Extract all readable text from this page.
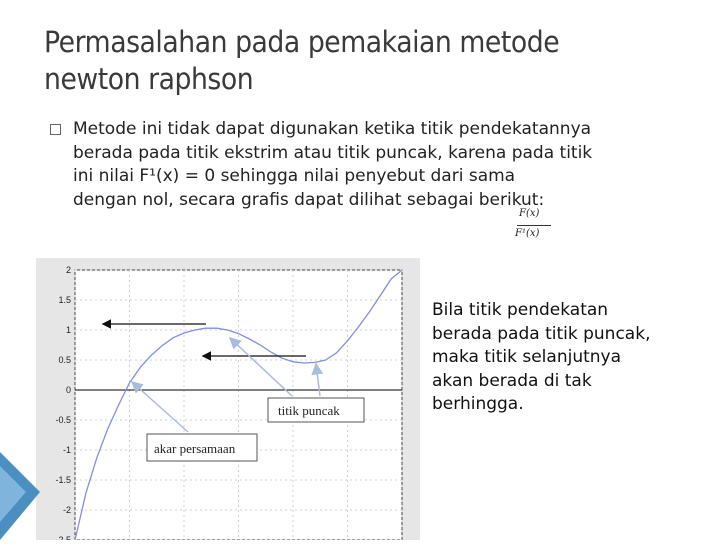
Permasalahan pada pemakaian metode
newton raphson
Metode ini tidak dapat digunakan ketika titik pendekatannya
berada pada titik ekstrim atau titik puncak, karena pada titik
ini nilai F¹(x) = 0 sehingga nilai penyebut dari sama
dengan nol, secara grafis dapat dilihat sebagai berikut:
F(x)
F¹(x)
2
1.5
1
0.5
0
-0.5
-1
-1.5
-2
-2.5
titik puncak
akar persamaan
Bila titik pendekatan
berada pada titik puncak,
maka titik selanjutnya
akan berada di tak
berhingga.
